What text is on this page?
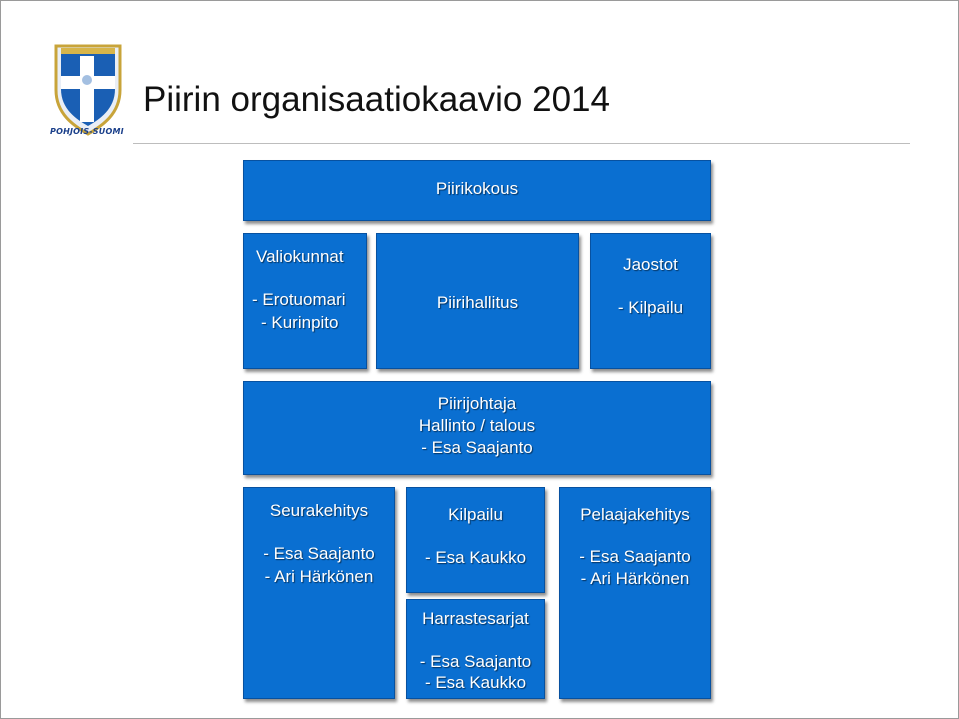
POHJOIS-SUOMI
Piirin organisaatiokaavio 2014
Piirikokous
Valiokunnat
- Erotuomari
- Kurinpito
Piirihallitus
Jaostot
- Kilpailu
Piirijohtaja
Hallinto / talous
- Esa Saajanto
Seurakehitys
- Esa Saajanto
- Ari Härkönen
Kilpailu
- Esa Kaukko
Harrastesarjat
- Esa Saajanto
- Esa Kaukko
Pelaajakehitys
- Esa Saajanto
- Ari Härkönen
